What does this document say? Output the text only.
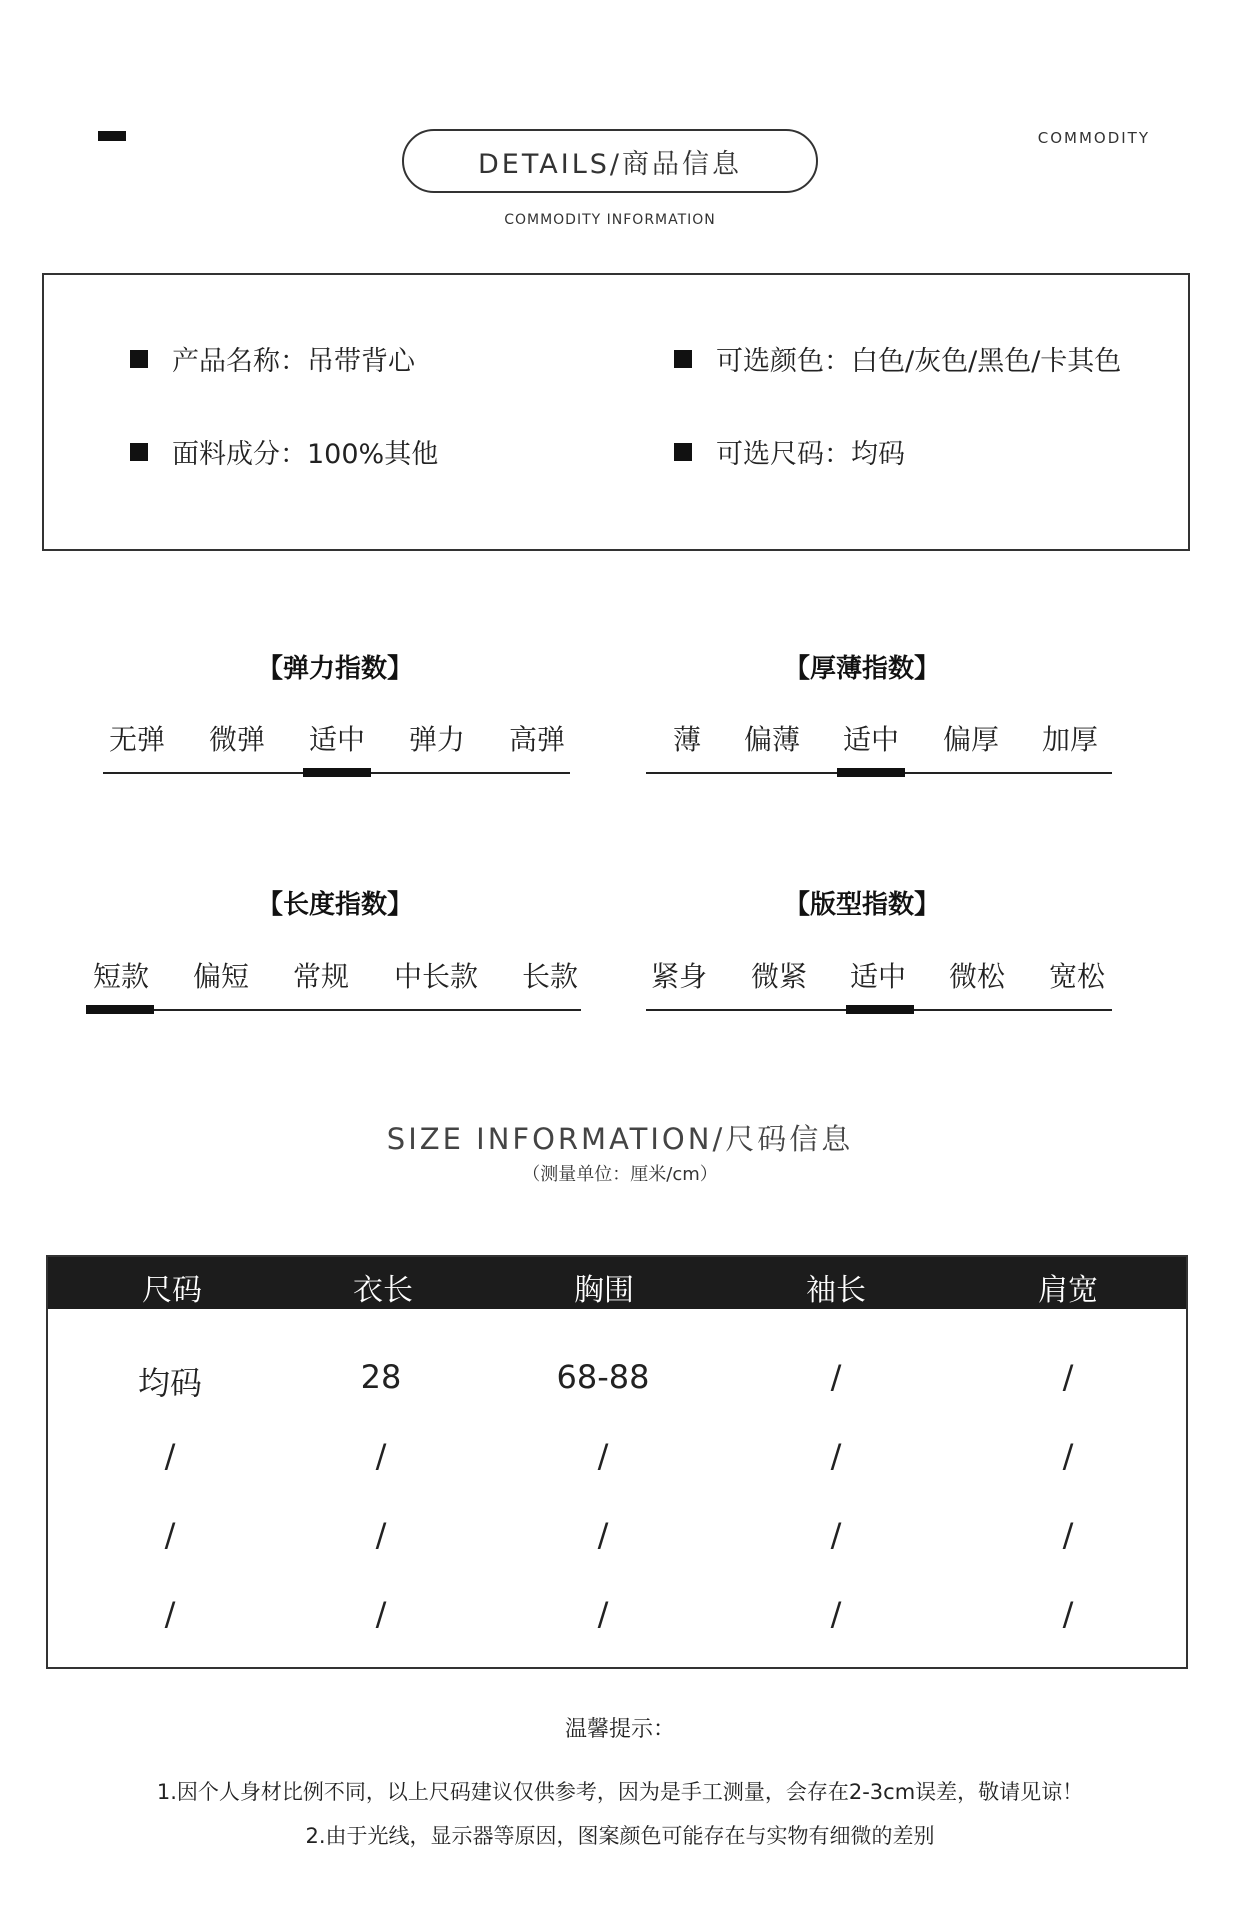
COMMODITY
DETAILS/商品信息
COMMODITY INFORMATION
产品名称：吊带背心	可选颜色：白色/灰色/黑色/卡其色
面料成分：100%其他	可选尺码：均码
【弹力指数】
无弹 微弹 适中 弹力 高弹
【厚薄指数】
薄 偏薄 适中 偏厚 加厚
【长度指数】
短款 偏短 常规 中长款 长款
【版型指数】
紧身 微紧 适中 微松 宽松
SIZE INFORMATION/尺码信息
（测量单位：厘米/cm）
尺码	衣长	胸围	袖长	肩宽
均码	28	68-88	/	/
/	/	/	/	/
/	/	/	/	/
/	/	/	/	/
温馨提示：
1.因个人身材比例不同，以上尺码建议仅供参考，因为是手工测量，会存在2-3cm误差，敬请见谅！
2.由于光线，显示器等原因，图案颜色可能存在与实物有细微的差别
